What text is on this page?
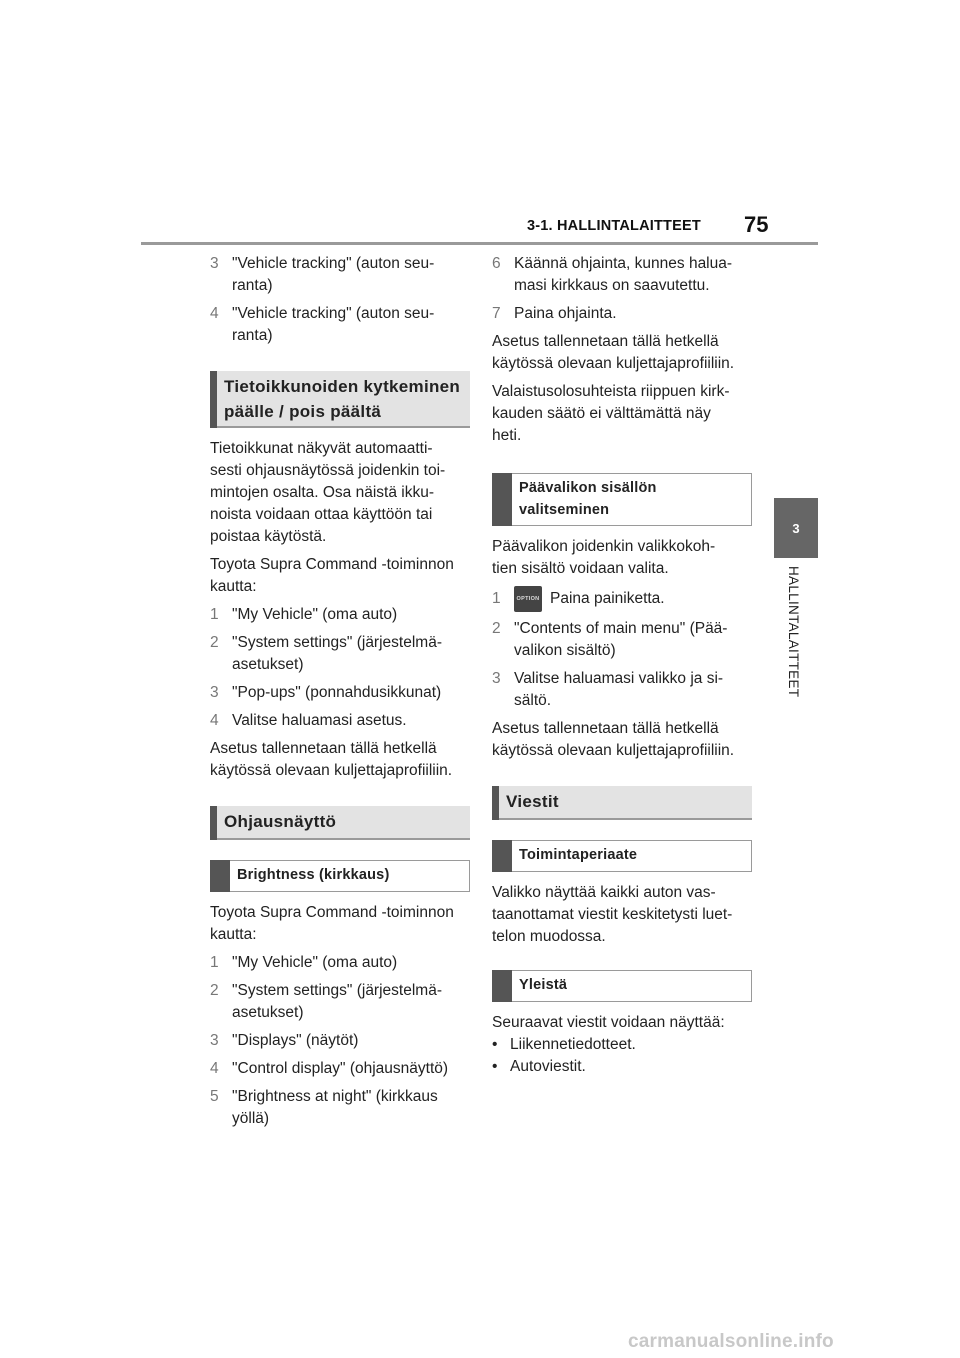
3-1. HALLINTALAITTEET 75
3
HALLINTALAITTEET
3 "Vehicle tracking" (auton seu-
ranta)
4 "Vehicle tracking" (auton seu-
ranta)
Tietoikkunoiden kytkeminen
päälle / pois päältä
Tietoikkunat näkyvät automaatti-
sesti ohjausnäytössä joidenkin toi-
mintojen osalta. Osa näistä ikku-
noista voidaan ottaa käyttöön tai
poistaa käytöstä.
Toyota Supra Command -toiminnon
kautta:
1 "My Vehicle" (oma auto)
2 "System settings" (järjestelmä-
asetukset)
3 "Pop-ups" (ponnahdusikkunat)
4 Valitse haluamasi asetus.
Asetus tallennetaan tällä hetkellä
käytössä olevaan kuljettajaprofiiliin.
Ohjausnäyttö
Brightness (kirkkaus)
Toyota Supra Command -toiminnon
kautta:
1 "My Vehicle" (oma auto)
2 "System settings" (järjestelmä-
asetukset)
3 "Displays" (näytöt)
4 "Control display" (ohjausnäyttö)
5 "Brightness at night" (kirkkaus
yöllä)
6 Käännä ohjainta, kunnes halua-
masi kirkkaus on saavutettu.
7 Paina ohjainta.
Asetus tallennetaan tällä hetkellä
käytössä olevaan kuljettajaprofiiliin.
Valaistusolosuhteista riippuen kirk-
kauden säätö ei välttämättä näy
heti.
Päävalikon sisällön
valitseminen
Päävalikon joidenkin valikkokoh-
tien sisältö voidaan valita.
1	OPTION Paina painiketta.
2 "Contents of main menu" (Pää-
valikon sisältö)
3 Valitse haluamasi valikko ja si-
sältö.
Asetus tallennetaan tällä hetkellä
käytössä olevaan kuljettajaprofiiliin.
Viestit
Toimintaperiaate
Valikko näyttää kaikki auton vas-
taanottamat viestit keskitetysti luet-
telon muodossa.
Yleistä
Seuraavat viestit voidaan näyttää:
• Liikennetiedotteet.
• Autoviestit.
carmanualsonline.info
